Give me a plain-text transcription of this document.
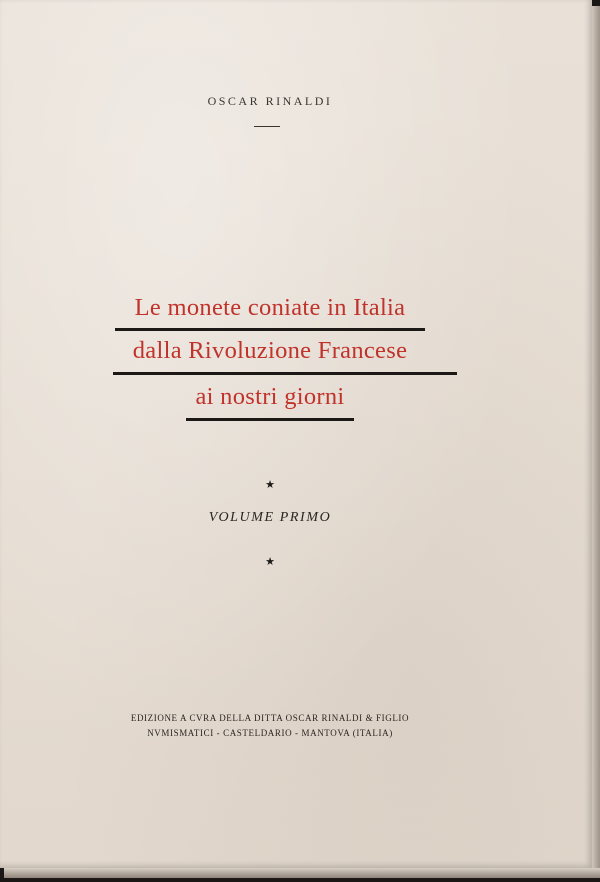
OSCAR RINALDI
Le monete coniate in Italia
dalla Rivoluzione Francese
ai nostri giorni
★
VOLUME PRIMO
★
EDIZIONE A CVRA DELLA DITTA OSCAR RINALDI & FIGLIO
NVMISMATICI - CASTELDARIO - MANTOVA (ITALIA)
